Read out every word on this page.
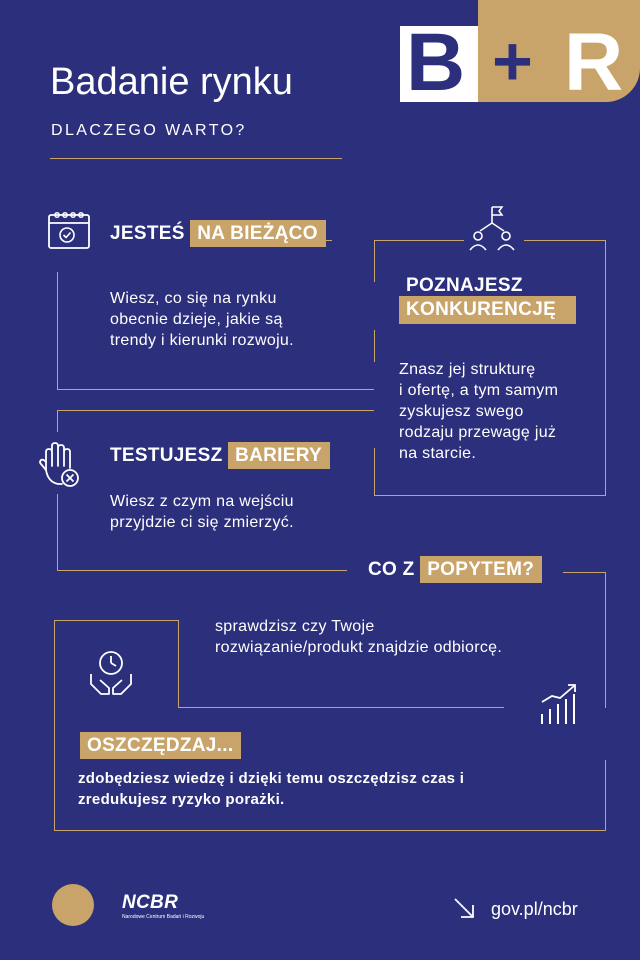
B + R
Badanie rynku
DLACZEGO WARTO?
JESTEŚ NA BIEŻĄCO
Wiesz, co się na rynku
obecnie dzieje, jakie są
trendy i kierunki rozwoju.
POZNAJESZ
KONKURENCJĘ
Znasz jej strukturę
i ofertę, a tym samym
zyskujesz swego
rodzaju przewagę już
na starcie.
TESTUJESZ BARIERY
Wiesz z czym na wejściu
przyjdzie ci się zmierzyć.
CO Z POPYTEM?
sprawdzisz czy Twoje
rozwiązanie/produkt znajdzie odbiorcę.
OSZCZĘDZAJ...
zdobędziesz wiedzę i dzięki temu oszczędzisz czas i
zredukujesz ryzyko porażki.
NCBR
Narodowe Centrum Badań i Rozwoju	gov.pl/ncbr
